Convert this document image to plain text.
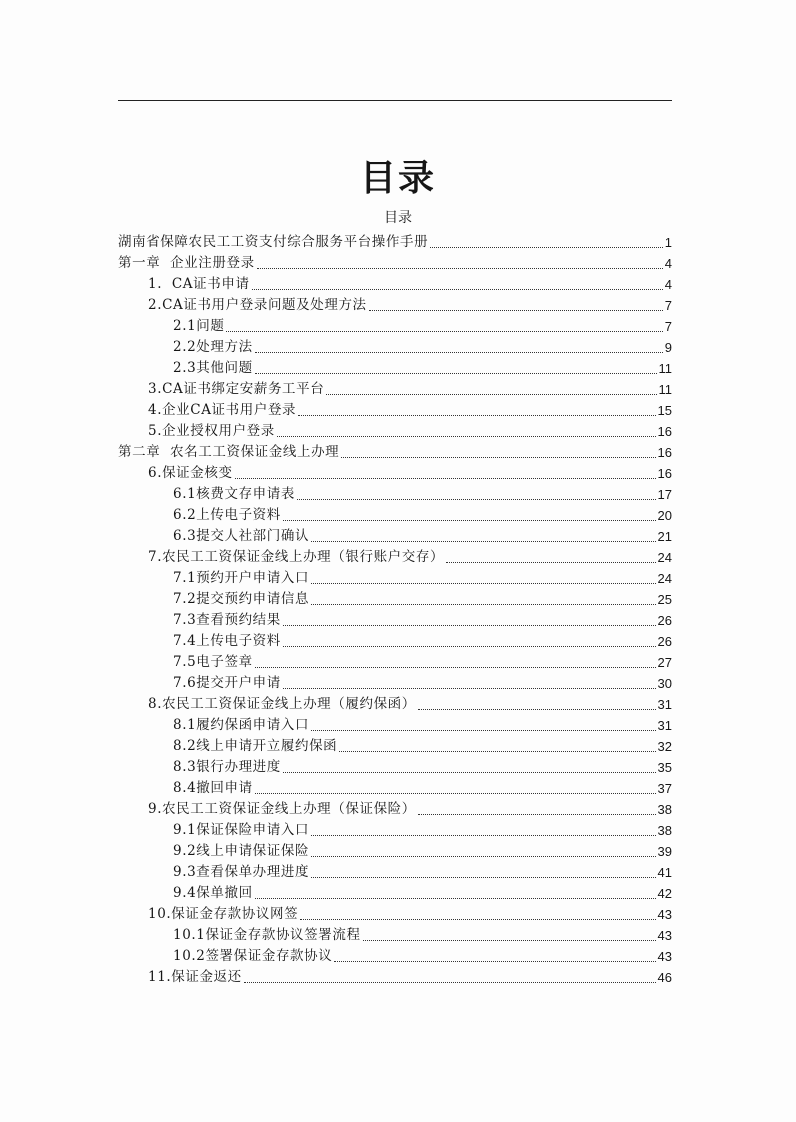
目录
目录
湖南省保障农民工工资支付综合服务平台操作手册	1
第一章  企业注册登录	4
1.  CA证书申请	4
2.CA证书用户登录问题及处理方法	7
2.1问题	7
2.2处理方法	9
2.3其他问题	11
3.CA证书绑定安薪务工平台	11
4.企业CA证书用户登录	15
5.企业授权用户登录	16
第二章  农名工工资保证金线上办理	16
6.保证金核变	16
6.1核费文存申请表	17
6.2上传电子资料	20
6.3提交人社部门确认	21
7.农民工工资保证金线上办理（银行账户交存）	24
7.1预约开户申请入口	24
7.2提交预约申请信息	25
7.3查看预约结果	26
7.4上传电子资料	26
7.5电子签章	27
7.6提交开户申请	30
8.农民工工资保证金线上办理（履约保函）	31
8.1履约保函申请入口	31
8.2线上申请开立履约保函	32
8.3银行办理进度	35
8.4撤回申请	37
9.农民工工资保证金线上办理（保证保险）	38
9.1保证保险申请入口	38
9.2线上申请保证保险	39
9.3查看保单办理进度	41
9.4保单撤回	42
10.保证金存款协议网签	43
10.1保证金存款协议签署流程	43
10.2签署保证金存款协议	43
11.保证金返还	46
